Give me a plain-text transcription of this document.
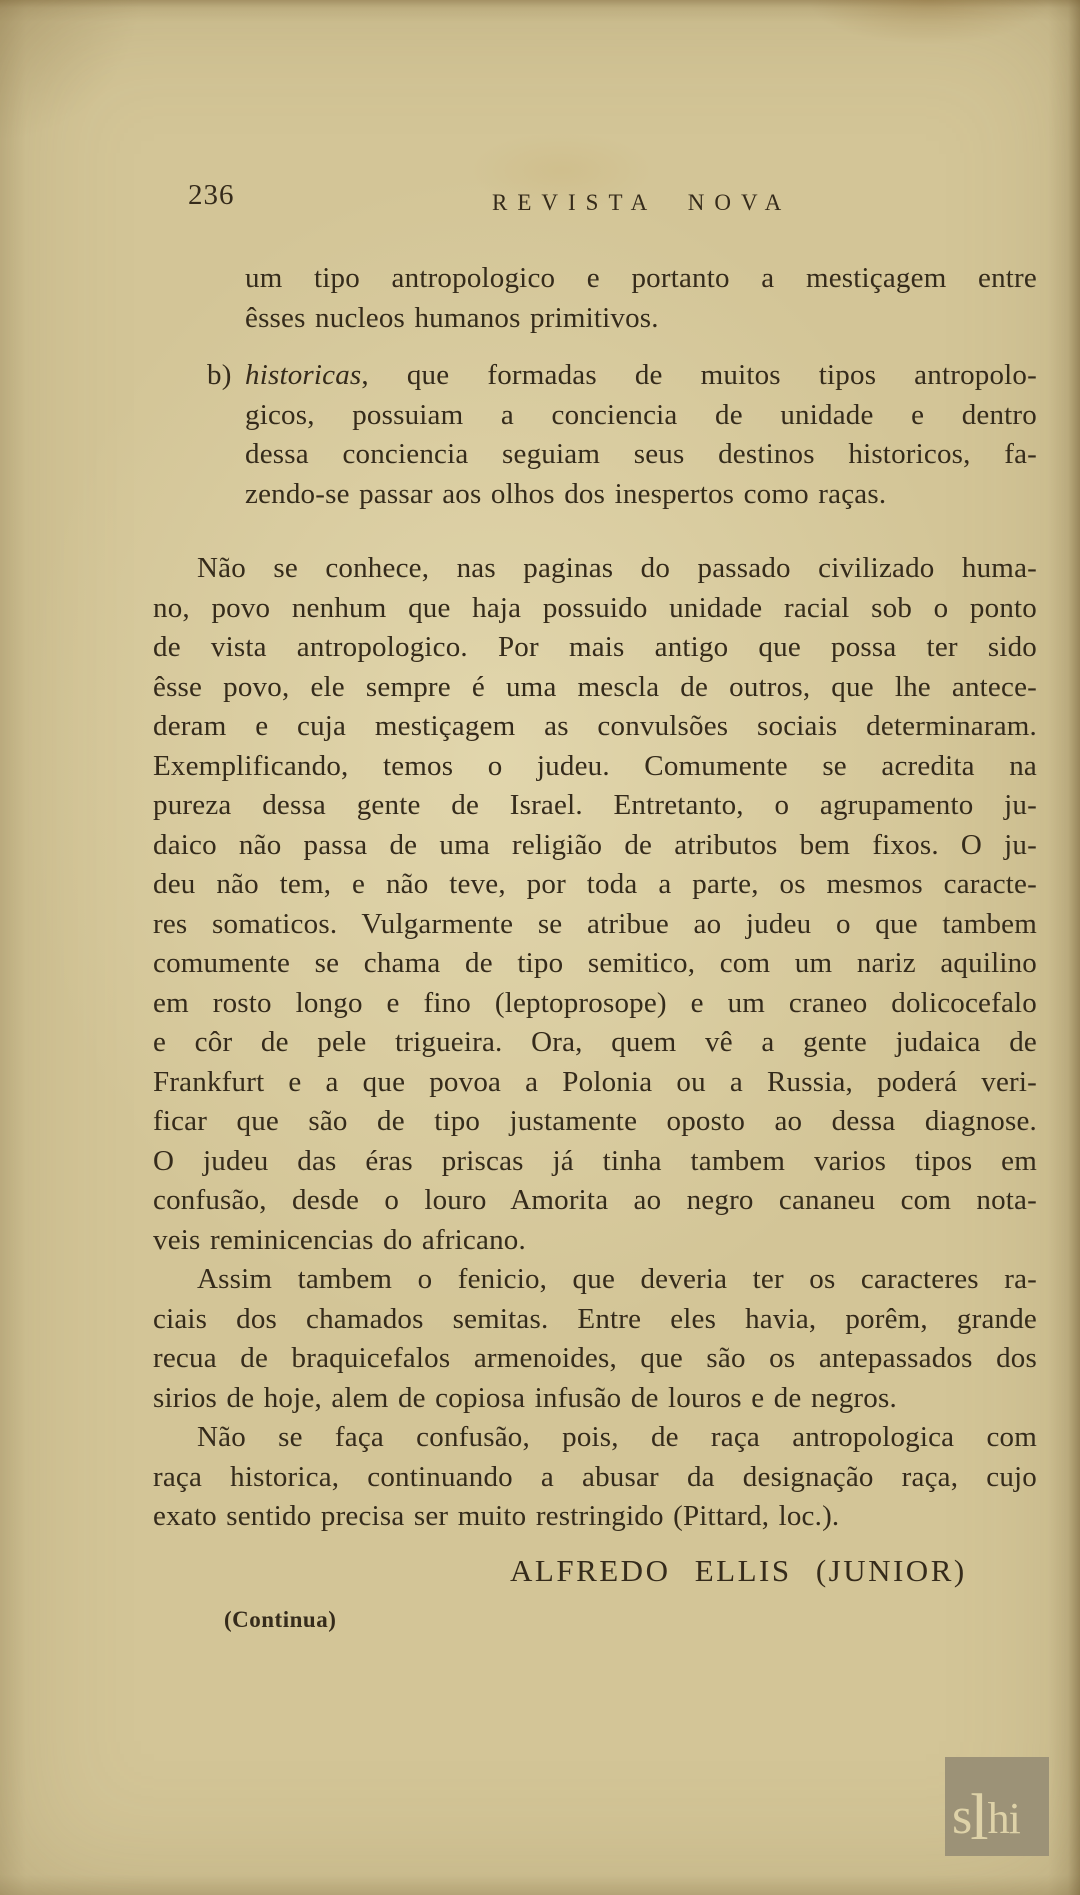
236	REVISTA NOVA
um tipo antropologico e portanto a mestiçagem entre
êsses nucleos humanos primitivos.
b) historicas, que formadas de muitos tipos antropolo-
gicos, possuiam a conciencia de unidade e dentro
dessa conciencia seguiam seus destinos historicos, fa-
zendo-se passar aos olhos dos inespertos como raças.
Não se conhece, nas paginas do passado civilizado huma-
no, povo nenhum que haja possuido unidade racial sob o ponto
de vista antropologico. Por mais antigo que possa ter sido
êsse povo, ele sempre é uma mescla de outros, que lhe antece-
deram e cuja mestiçagem as convulsões sociais determinaram.
Exemplificando, temos o judeu. Comumente se acredita na
pureza dessa gente de Israel. Entretanto, o agrupamento ju-
daico não passa de uma religião de atributos bem fixos. O ju-
deu não tem, e não teve, por toda a parte, os mesmos caracte-
res somaticos. Vulgarmente se atribue ao judeu o que tambem
comumente se chama de tipo semitico, com um nariz aquilino
em rosto longo e fino (leptoprosope) e um craneo dolicocefalo
e côr de pele trigueira. Ora, quem vê a gente judaica de
Frankfurt e a que povoa a Polonia ou a Russia, poderá veri-
ficar que são de tipo justamente oposto ao dessa diagnose.
O judeu das éras priscas já tinha tambem varios tipos em
confusão, desde o louro Amorita ao negro cananeu com nota-
veis reminicencias do africano.
Assim tambem o fenicio, que deveria ter os caracteres ra-
ciais dos chamados semitas. Entre eles havia, porêm, grande
recua de braquicefalos armenoides, que são os antepassados dos
sirios de hoje, alem de copiosa infusão de louros e de negros.
Não se faça confusão, pois, de raça antropologica com
raça historica, continuando a abusar da designação raça, cujo
exato sentido precisa ser muito restringido (Pittard, loc.).
ALFREDO ELLIS (JUNIOR)
(Continua)
s
l hi
